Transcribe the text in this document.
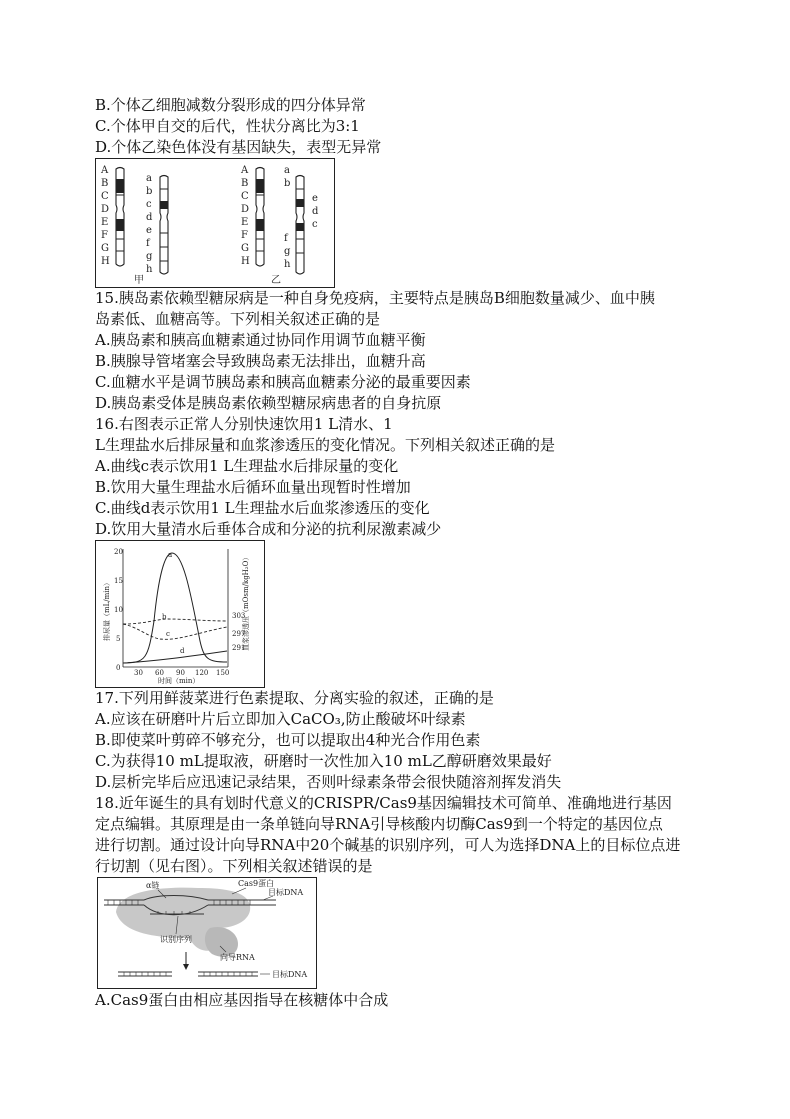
B.个体乙细胞减数分裂形成的四分体异常
C.个体甲自交的后代，性状分离比为3:1
D.个体乙染色体没有基因缺失，表型无异常
A
B
C
D
E
F
G
H
a
b
c
d
e
f
g
h
甲
A
B
C
D
E
F
G
H
a
b
e
d
c
f
g
h
乙
15.胰岛素依赖型糖尿病是一种自身免疫病，主要特点是胰岛B细胞数量减少、血中胰
岛素低、血糖高等。下列相关叙述正确的是
A.胰岛素和胰高血糖素通过协同作用调节血糖平衡
B.胰腺导管堵塞会导致胰岛素无法排出，血糖升高
C.血糖水平是调节胰岛素和胰高血糖素分泌的最重要因素
D.胰岛素受体是胰岛素依赖型糖尿病患者的自身抗原
16.右图表示正常人分别快速饮用1 L清水、1
L生理盐水后排尿量和血浆渗透压的变化情况。下列相关叙述正确的是
A.曲线c表示饮用1 L生理盐水后排尿量的变化
B.饮用大量生理盐水后循环血量出现暂时性增加
C.曲线d表示饮用1 L生理盐水后血浆渗透压的变化
D.饮用大量清水后垂体合成和分泌的抗利尿激素减少
排尿量（mL/min）	血浆渗透压（mOsm/kgH₂O）
时间（min）
20
15
10
5
0
303
297
291
30 60 90 120 150
a
b
c
d
17.下列用鲜菠菜进行色素提取、分离实验的叙述，正确的是
A.应该在研磨叶片后立即加入CaCO₃,防止酸破坏叶绿素
B.即使菜叶剪碎不够充分，也可以提取出4种光合作用色素
C.为获得10 mL提取液，研磨时一次性加入10 mL乙醇研磨效果最好
D.层析完毕后应迅速记录结果，否则叶绿素条带会很快随溶剂挥发消失
18.近年诞生的具有划时代意义的CRISPR/Cas9基因编辑技术可简单、准确地进行基因
定点编辑。其原理是由一条单链向导RNA引导核酸内切酶Cas9到一个特定的基因位点
进行切割。通过设计向导RNA中20个碱基的识别序列，可人为选择DNA上的目标位点进
行切割（见右图）。下列相关叙述错误的是
α链	Cas9蛋白
目标DNA
识别序列
向导RNA
目标DNA
A.Cas9蛋白由相应基因指导在核糖体中合成
